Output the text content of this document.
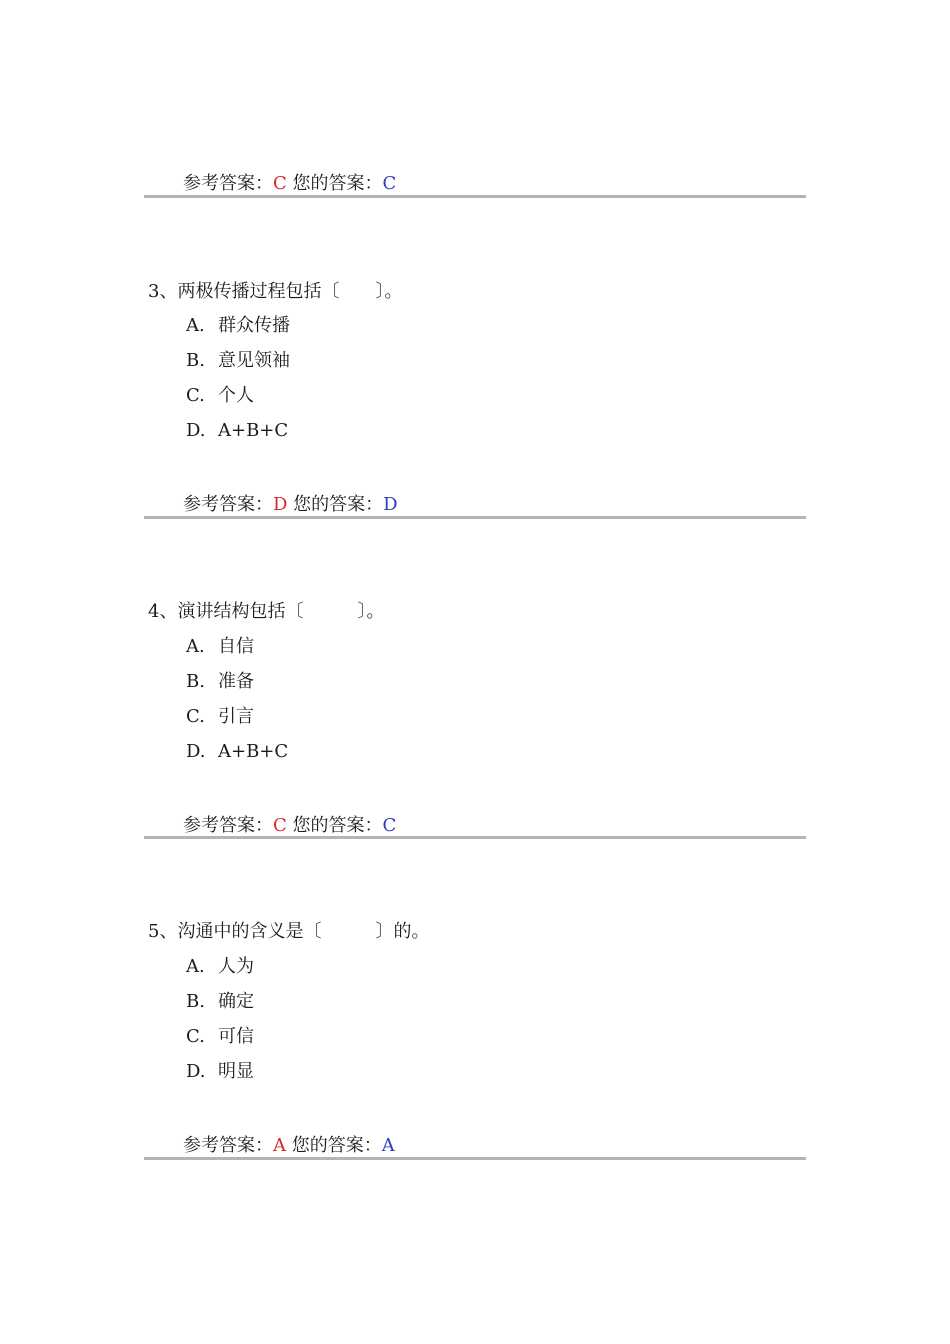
参考答案：C 您的答案：C
3、两极传播过程包括〔　　〕。
A. 群众传播
B. 意见领袖
C. 个人
D. A+B+C
参考答案：D 您的答案：D
4、演讲结构包括〔　　　〕。
A. 自信
B. 准备
C. 引言
D. A+B+C
参考答案：C 您的答案：C
5、沟通中的含义是〔　　　〕的。
A. 人为
B. 确定
C. 可信
D. 明显
参考答案：A 您的答案：A
